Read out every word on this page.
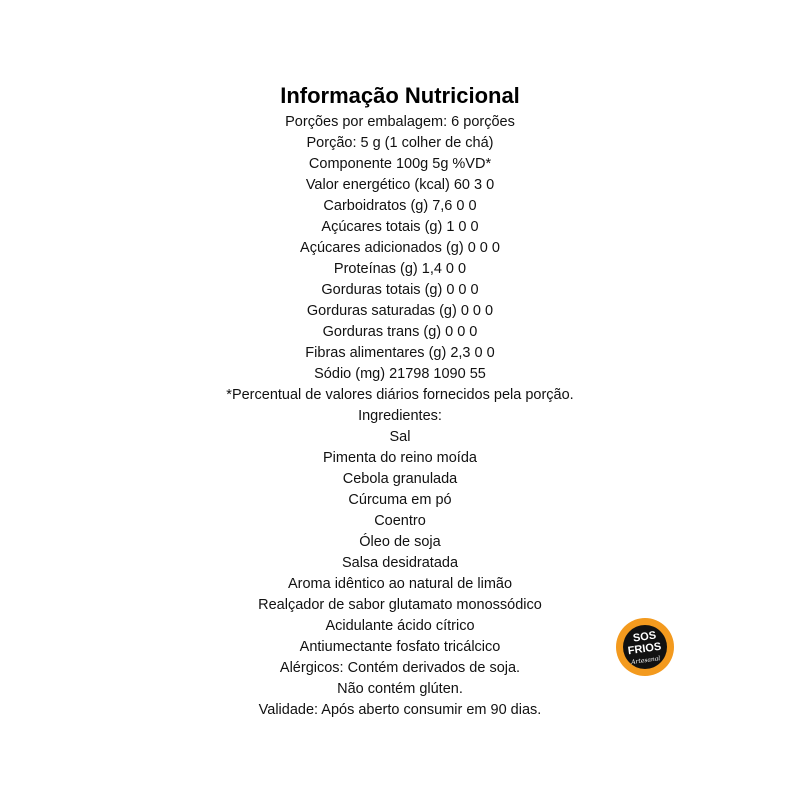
Informação Nutricional
Porções por embalagem: 6 porções
Porção: 5 g (1 colher de chá)
Componente 100g 5g %VD*
Valor energético (kcal) 60 3 0
Carboidratos (g) 7,6 0 0
Açúcares totais (g) 1 0 0
Açúcares adicionados (g) 0 0 0
Proteínas (g) 1,4 0 0
Gorduras totais (g) 0 0 0
Gorduras saturadas (g) 0 0 0
Gorduras trans (g) 0 0 0
Fibras alimentares (g) 2,3 0 0
Sódio (mg) 21798 1090 55
*Percentual de valores diários fornecidos pela porção.
Ingredientes:
Sal
Pimenta do reino moída
Cebola granulada
Cúrcuma em pó
Coentro
Óleo de soja
Salsa desidratada
Aroma idêntico ao natural de limão
Realçador de sabor glutamato monossódico
Acidulante ácido cítrico
Antiumectante fosfato tricálcico
Alérgicos: Contém derivados de soja.
Não contém glúten.
Validade: Após aberto consumir em 90 dias.
SOS
FRIOS
Artesanal
